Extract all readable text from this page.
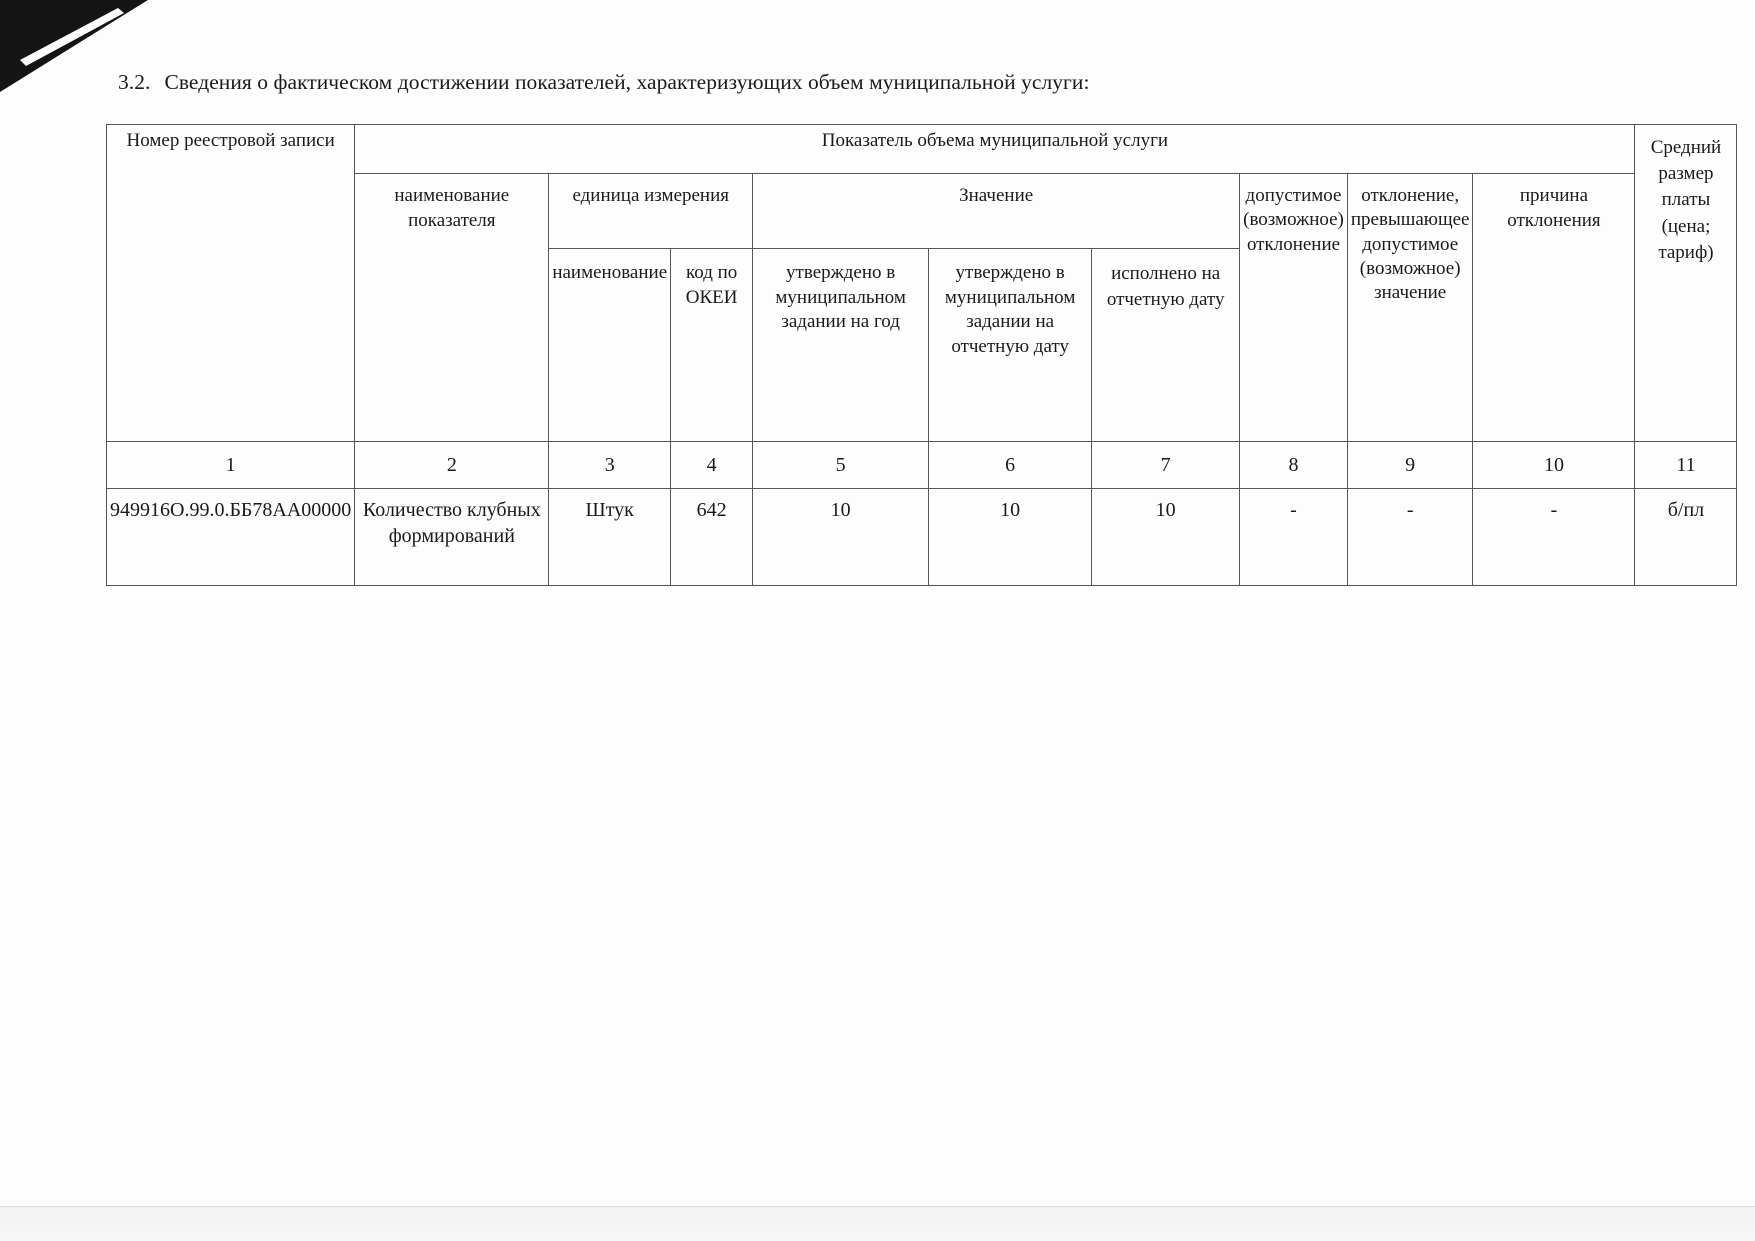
3.2. Сведения о фактическом достижении показателей, характеризующих объем муниципальной услуги:
Номер реестровой записи	Показатель объема муниципальной услуги									Средний размер платы (цена; тариф)
	наименование показателя	единица измерения		Значение			допустимое (возможное) отклонение	отклонение, превышающее допустимое (возможное) значение	причина отклонения	
		наименование	код по ОКЕИ	утверждено в муниципальном задании на год	утверждено в муниципальном задании на отчетную дату	исполнено на отчетную дату				
1	2	3	4	5	6	7	8	9	10	11
949916О.99.0.ББ78АА00000	Количество клубных формирований	Штук	642	10	10	10	-	-	-	б/пл
